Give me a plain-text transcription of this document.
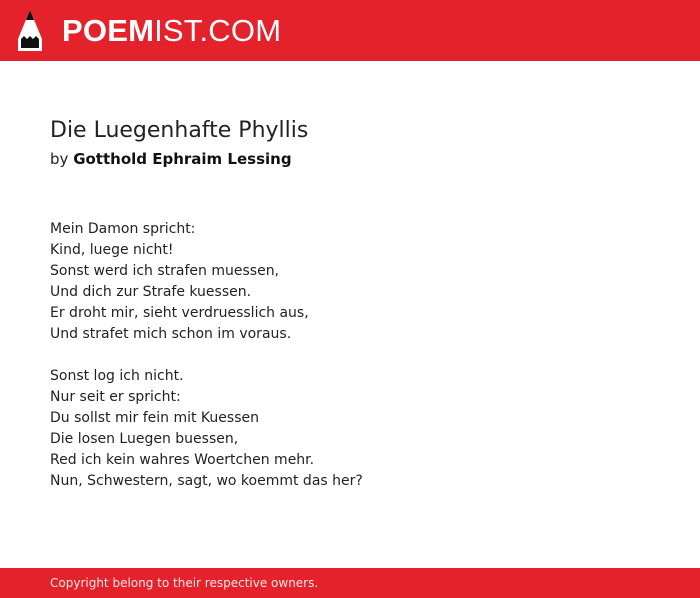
POEMIST.COM
Die Luegenhafte Phyllis
by Gotthold Ephraim Lessing
Mein Damon spricht:
Kind, luege nicht!
Sonst werd ich strafen muessen,
Und dich zur Strafe kuessen.
Er droht mir, sieht verdruesslich aus,
Und strafet mich schon im voraus.
Sonst log ich nicht.
Nur seit er spricht:
Du sollst mir fein mit Kuessen
Die losen Luegen buessen,
Red ich kein wahres Woertchen mehr.
Nun, Schwestern, sagt, wo koemmt das her?
Copyright belong to their respective owners.
